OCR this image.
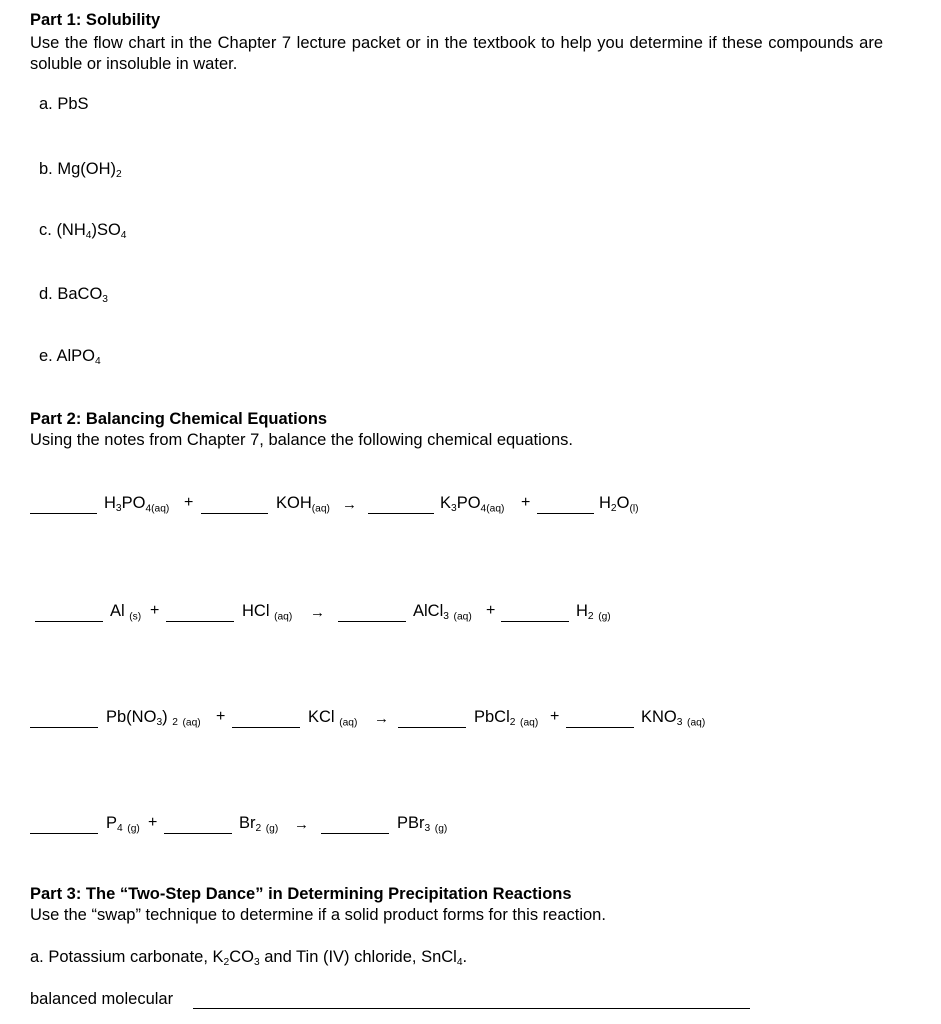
Part 1: Solubility
Use the flow chart in the Chapter 7 lecture packet or in the textbook to help you determine if these compounds are soluble or insoluble in water.
a. PbS
b. $Mg(OH)_2$
c. $(NH_4)SO_4$
d. BaCO$_3$
e. AlPO$_4$
Part 2: Balancing Chemical Equations
Using the notes from Chapter 7, balance the following chemical equations.
$H_3PO_{4(aq)}$ +	$KOH_{(aq)}$ →	$K_3PO_{4(aq)}$ +	$H_2O_{(l)}$
Al $_{(s)}$ +	HCl $_{(aq)}$ →	AlCl$_3$ $_{(aq)}$ +	$H_2$ $_{(g)}$
$Pb(NO_3)$ $_2$ $_{(aq)}$ +	KCl $_{(aq)}$ →	PbCl$_2$ $_{(aq)}$ +	$KNO_3$ $_{(aq)}$
$P_4$ $_{(g)}$ +	$Br_2$ $_{(g)}$ →	PBr$_3$ $_{(g)}$
Part 3: The “Two-Step Dance” in Determining Precipitation Reactions
Use the “swap” technique to determine if a solid product forms for this reaction.
a. Potassium carbonate, $K_2CO_3$ and Tin (IV) chloride, SnCl$_4$.
balanced molecular
